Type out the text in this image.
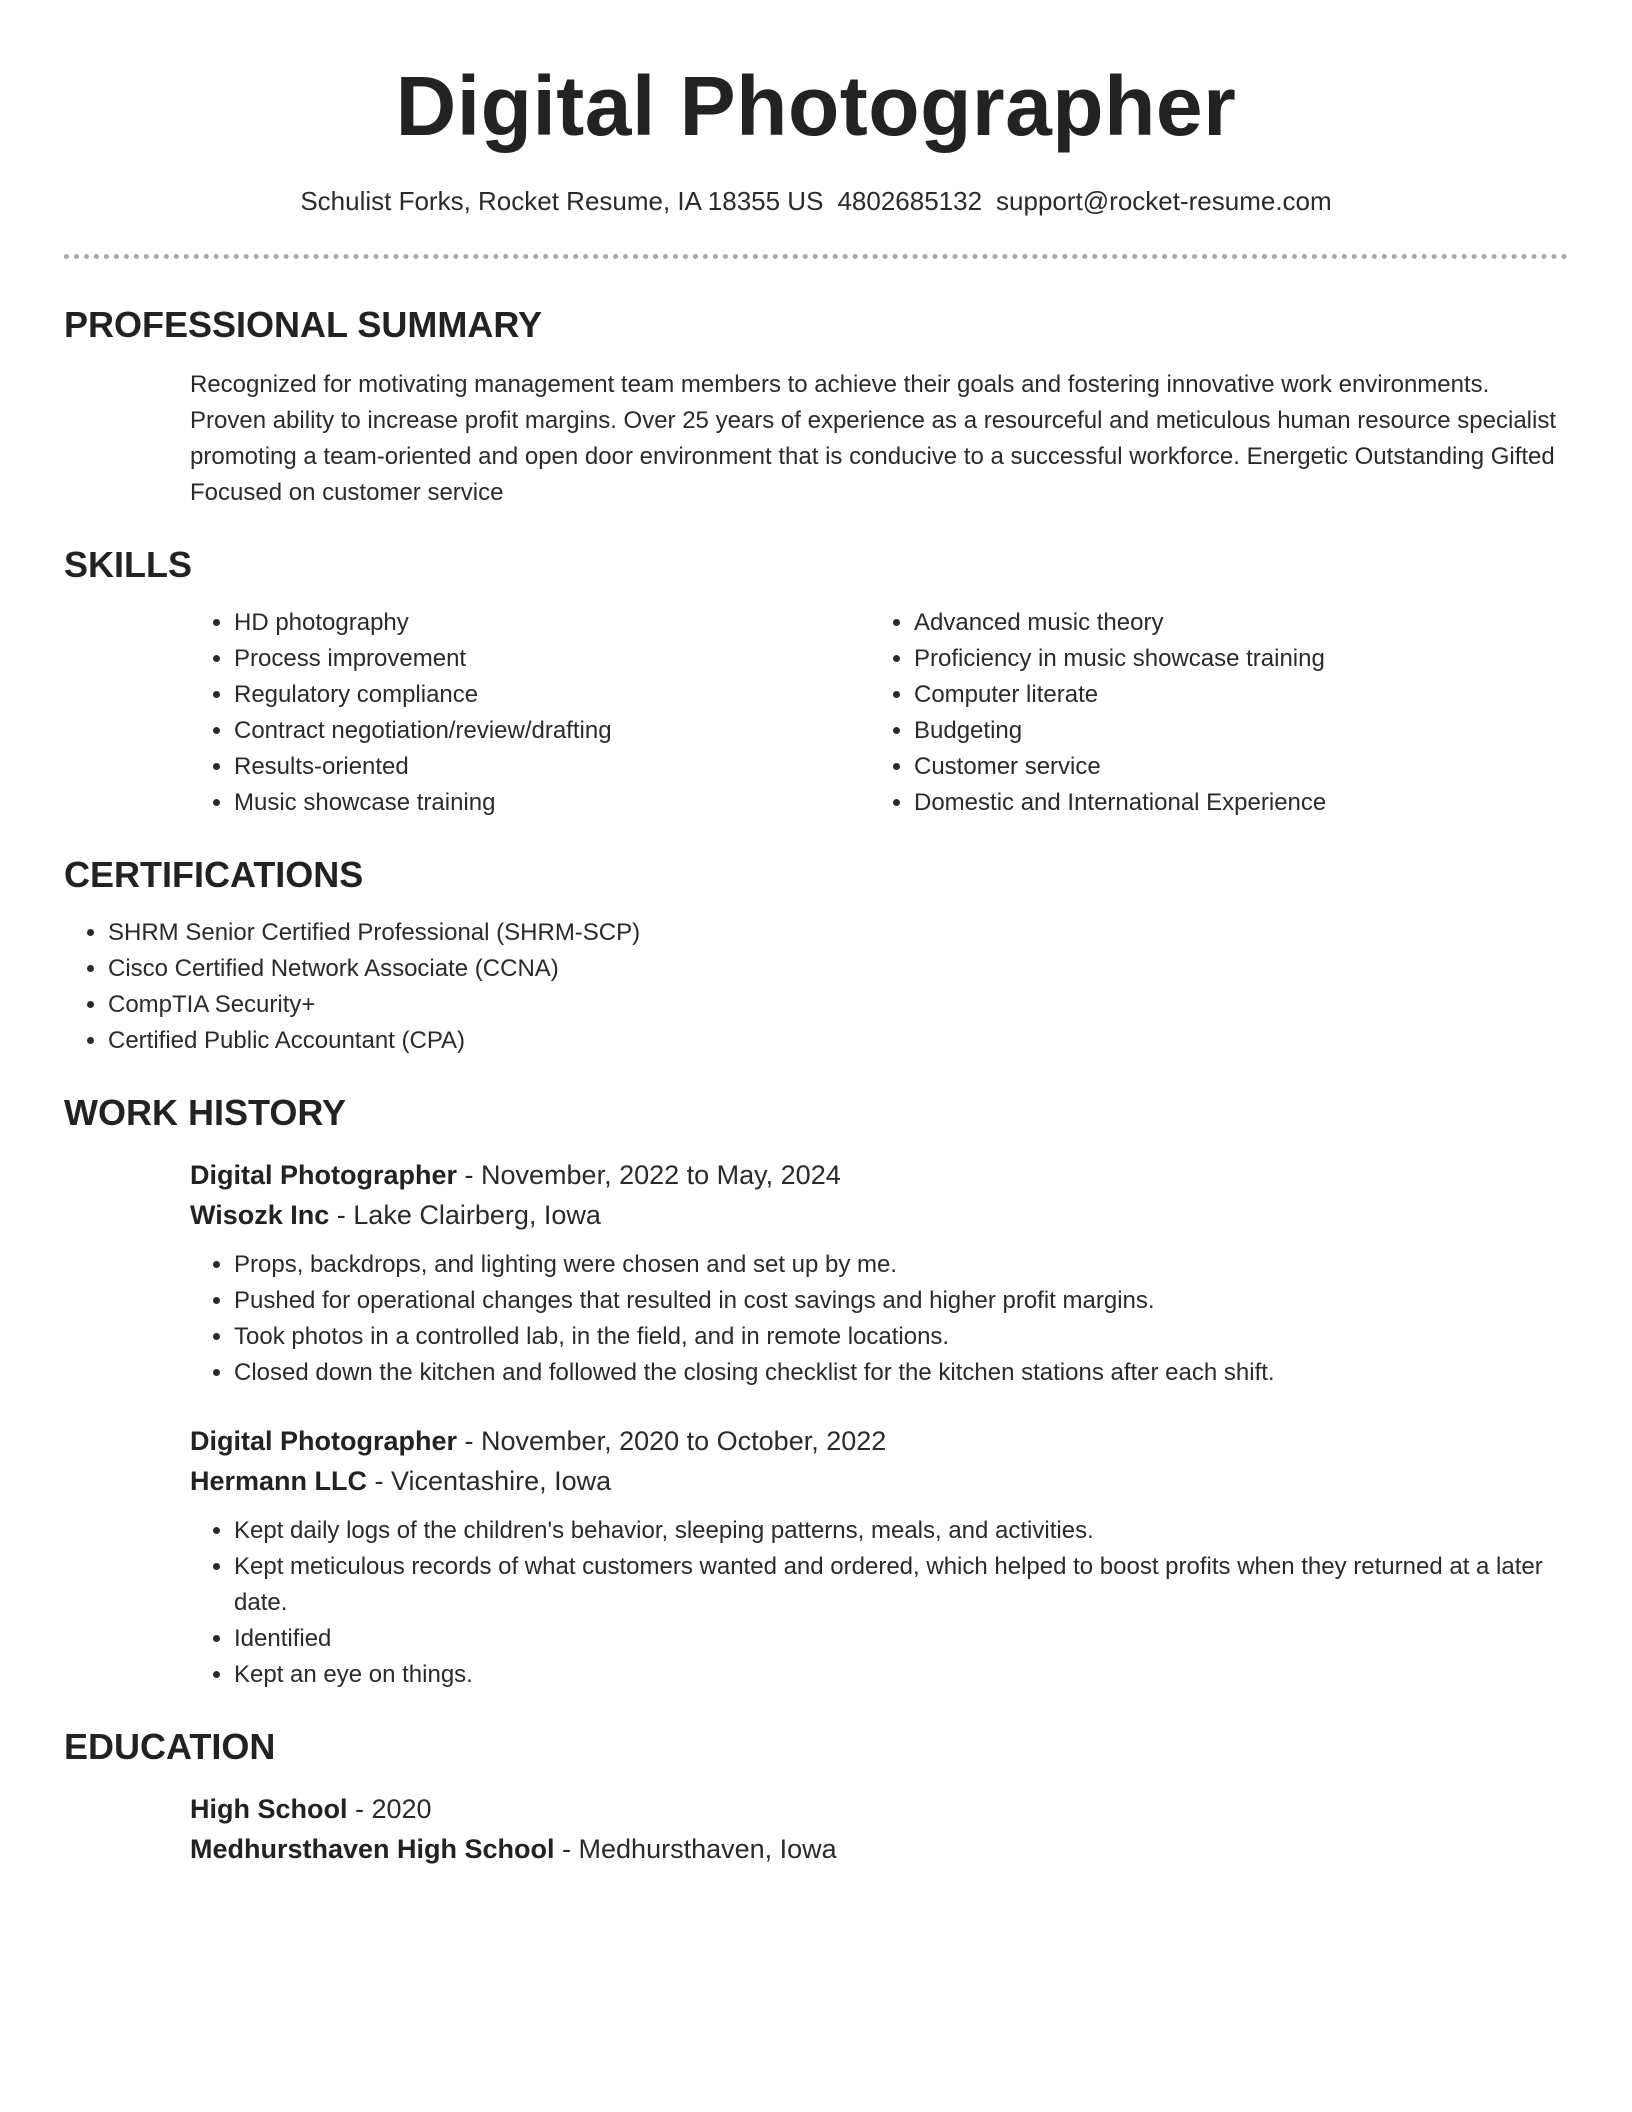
Digital Photographer
Schulist Forks, Rocket Resume, IA 18355 US 4802685132 support@rocket-resume.com
PROFESSIONAL SUMMARY

Recognized for motivating management team members to achieve their goals and fostering innovative work environments. Proven ability to increase profit margins. Over 25 years of experience as a resourceful and meticulous human resource specialist promoting a team-oriented and open door environment that is conducive to a successful workforce. Energetic Outstanding Gifted Focused on customer service

SKILLS
• HD photography
• Process improvement
• Regulatory compliance
• Contract negotiation/review/drafting
• Results-oriented
• Music showcase training
• Advanced music theory
• Proficiency in music showcase training
• Computer literate
• Budgeting
• Customer service
• Domestic and International Experience
CERTIFICATIONS
• SHRM Senior Certified Professional (SHRM-SCP)
• Cisco Certified Network Associate (CCNA)
• CompTIA Security+
• Certified Public Accountant (CPA)
WORK HISTORY
Digital Photographer - November, 2022 to May, 2024
Wisozk Inc - Lake Clairberg, Iowa
• Props, backdrops, and lighting were chosen and set up by me.
• Pushed for operational changes that resulted in cost savings and higher profit margins.
• Took photos in a controlled lab, in the field, and in remote locations.
• Closed down the kitchen and followed the closing checklist for the kitchen stations after each shift.
Digital Photographer - November, 2020 to October, 2022
Hermann LLC - Vicentashire, Iowa
• Kept daily logs of the children's behavior, sleeping patterns, meals, and activities.
• Kept meticulous records of what customers wanted and ordered, which helped to boost profits when they returned at a later date.
• Identified
• Kept an eye on things.
EDUCATION
High School - 2020
Medhursthaven High School - Medhursthaven, Iowa
